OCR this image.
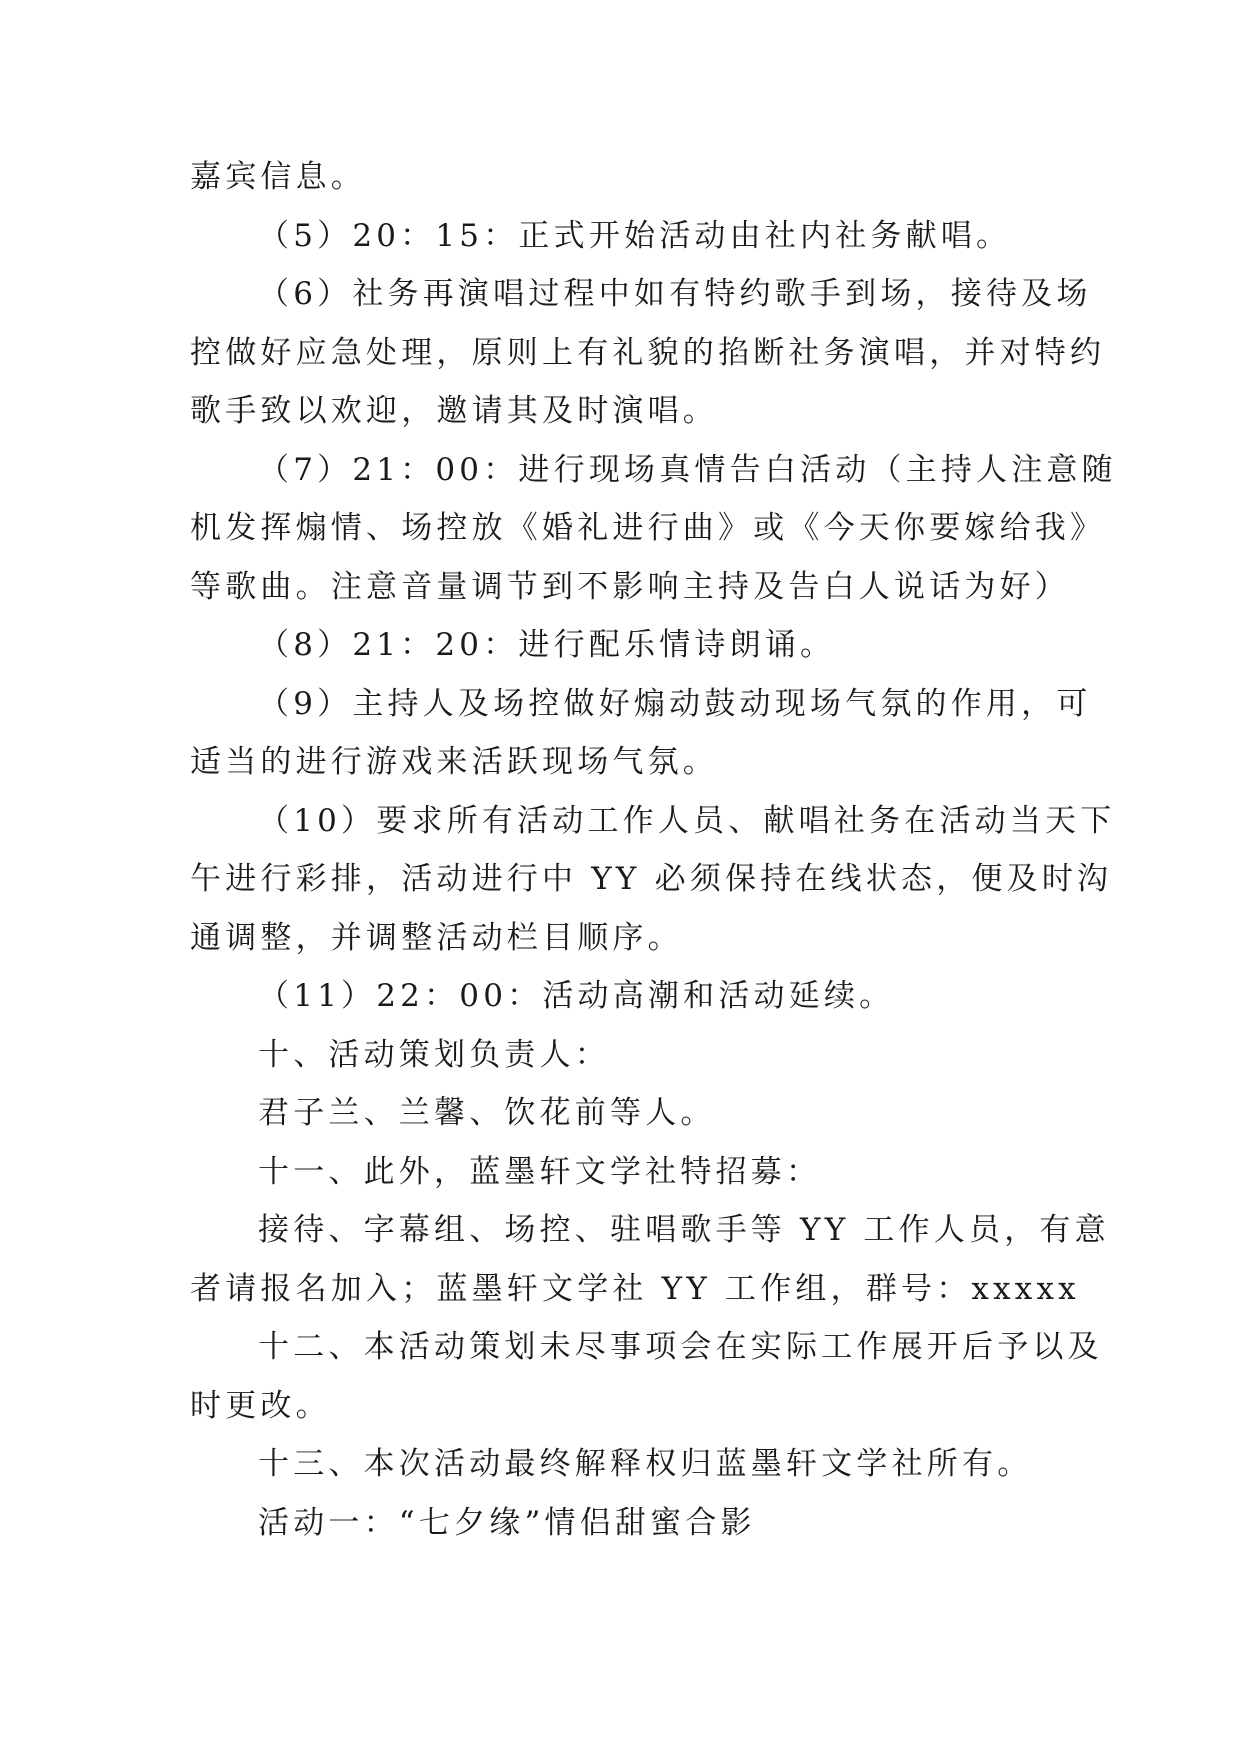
嘉宾信息。
（5）20：15：正式开始活动由社内社务献唱。
（6）社务再演唱过程中如有特约歌手到场，接待及场
控做好应急处理，原则上有礼貌的掐断社务演唱，并对特约
歌手致以欢迎，邀请其及时演唱。
（7）21：00：进行现场真情告白活动（主持人注意随
机发挥煽情、场控放《婚礼进行曲》或《今天你要嫁给我》
等歌曲。注意音量调节到不影响主持及告白人说话为好）
（8）21：20：进行配乐情诗朗诵。
（9）主持人及场控做好煽动鼓动现场气氛的作用，可
适当的进行游戏来活跃现场气氛。
（10）要求所有活动工作人员、献唱社务在活动当天下
午进行彩排，活动进行中 YY 必须保持在线状态，便及时沟
通调整，并调整活动栏目顺序。
（11）22：00：活动高潮和活动延续。
十、活动策划负责人：
君子兰、兰馨、饮花前等人。
十一、此外，蓝墨轩文学社特招募：
接待、字幕组、场控、驻唱歌手等 YY 工作人员，有意
者请报名加入；蓝墨轩文学社 YY 工作组，群号：xxxxx
十二、本活动策划未尽事项会在实际工作展开后予以及
时更改。
十三、本次活动最终解释权归蓝墨轩文学社所有。
活动一：“七夕缘”情侣甜蜜合影
